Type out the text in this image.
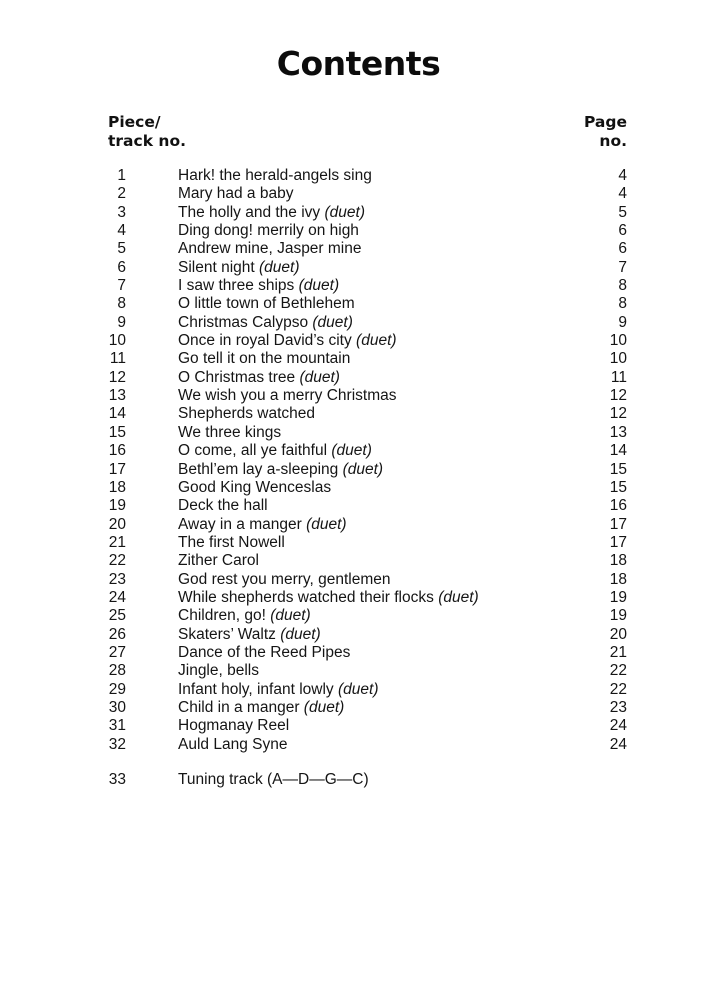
Contents
Piece/
track no.
Page
no.
1	Hark! the herald-angels sing	4
2	Mary had a baby	4
3	The holly and the ivy (duet)	5
4	Ding dong! merrily on high	6
5	Andrew mine, Jasper mine	6
6	Silent night (duet)	7
7	I saw three ships (duet)	8
8	O little town of Bethlehem	8
9	Christmas Calypso (duet)	9
10	Once in royal David’s city (duet)	10
11	Go tell it on the mountain	10
12	O Christmas tree (duet)	11
13	We wish you a merry Christmas	12
14	Shepherds watched	12
15	We three kings	13
16	O come, all ye faithful (duet)	14
17	Bethl’em lay a-sleeping (duet)	15
18	Good King Wenceslas	15
19	Deck the hall	16
20	Away in a manger (duet)	17
21	The first Nowell	17
22	Zither Carol	18
23	God rest you merry, gentlemen	18
24	While shepherds watched their flocks (duet)	19
25	Children, go! (duet)	19
26	Skaters’ Waltz (duet)	20
27	Dance of the Reed Pipes	21
28	Jingle, bells	22
29	Infant holy, infant lowly (duet)	22
30	Child in a manger (duet)	23
31	Hogmanay Reel	24
32	Auld Lang Syne	24
33	Tuning track (A—D—G—C)
